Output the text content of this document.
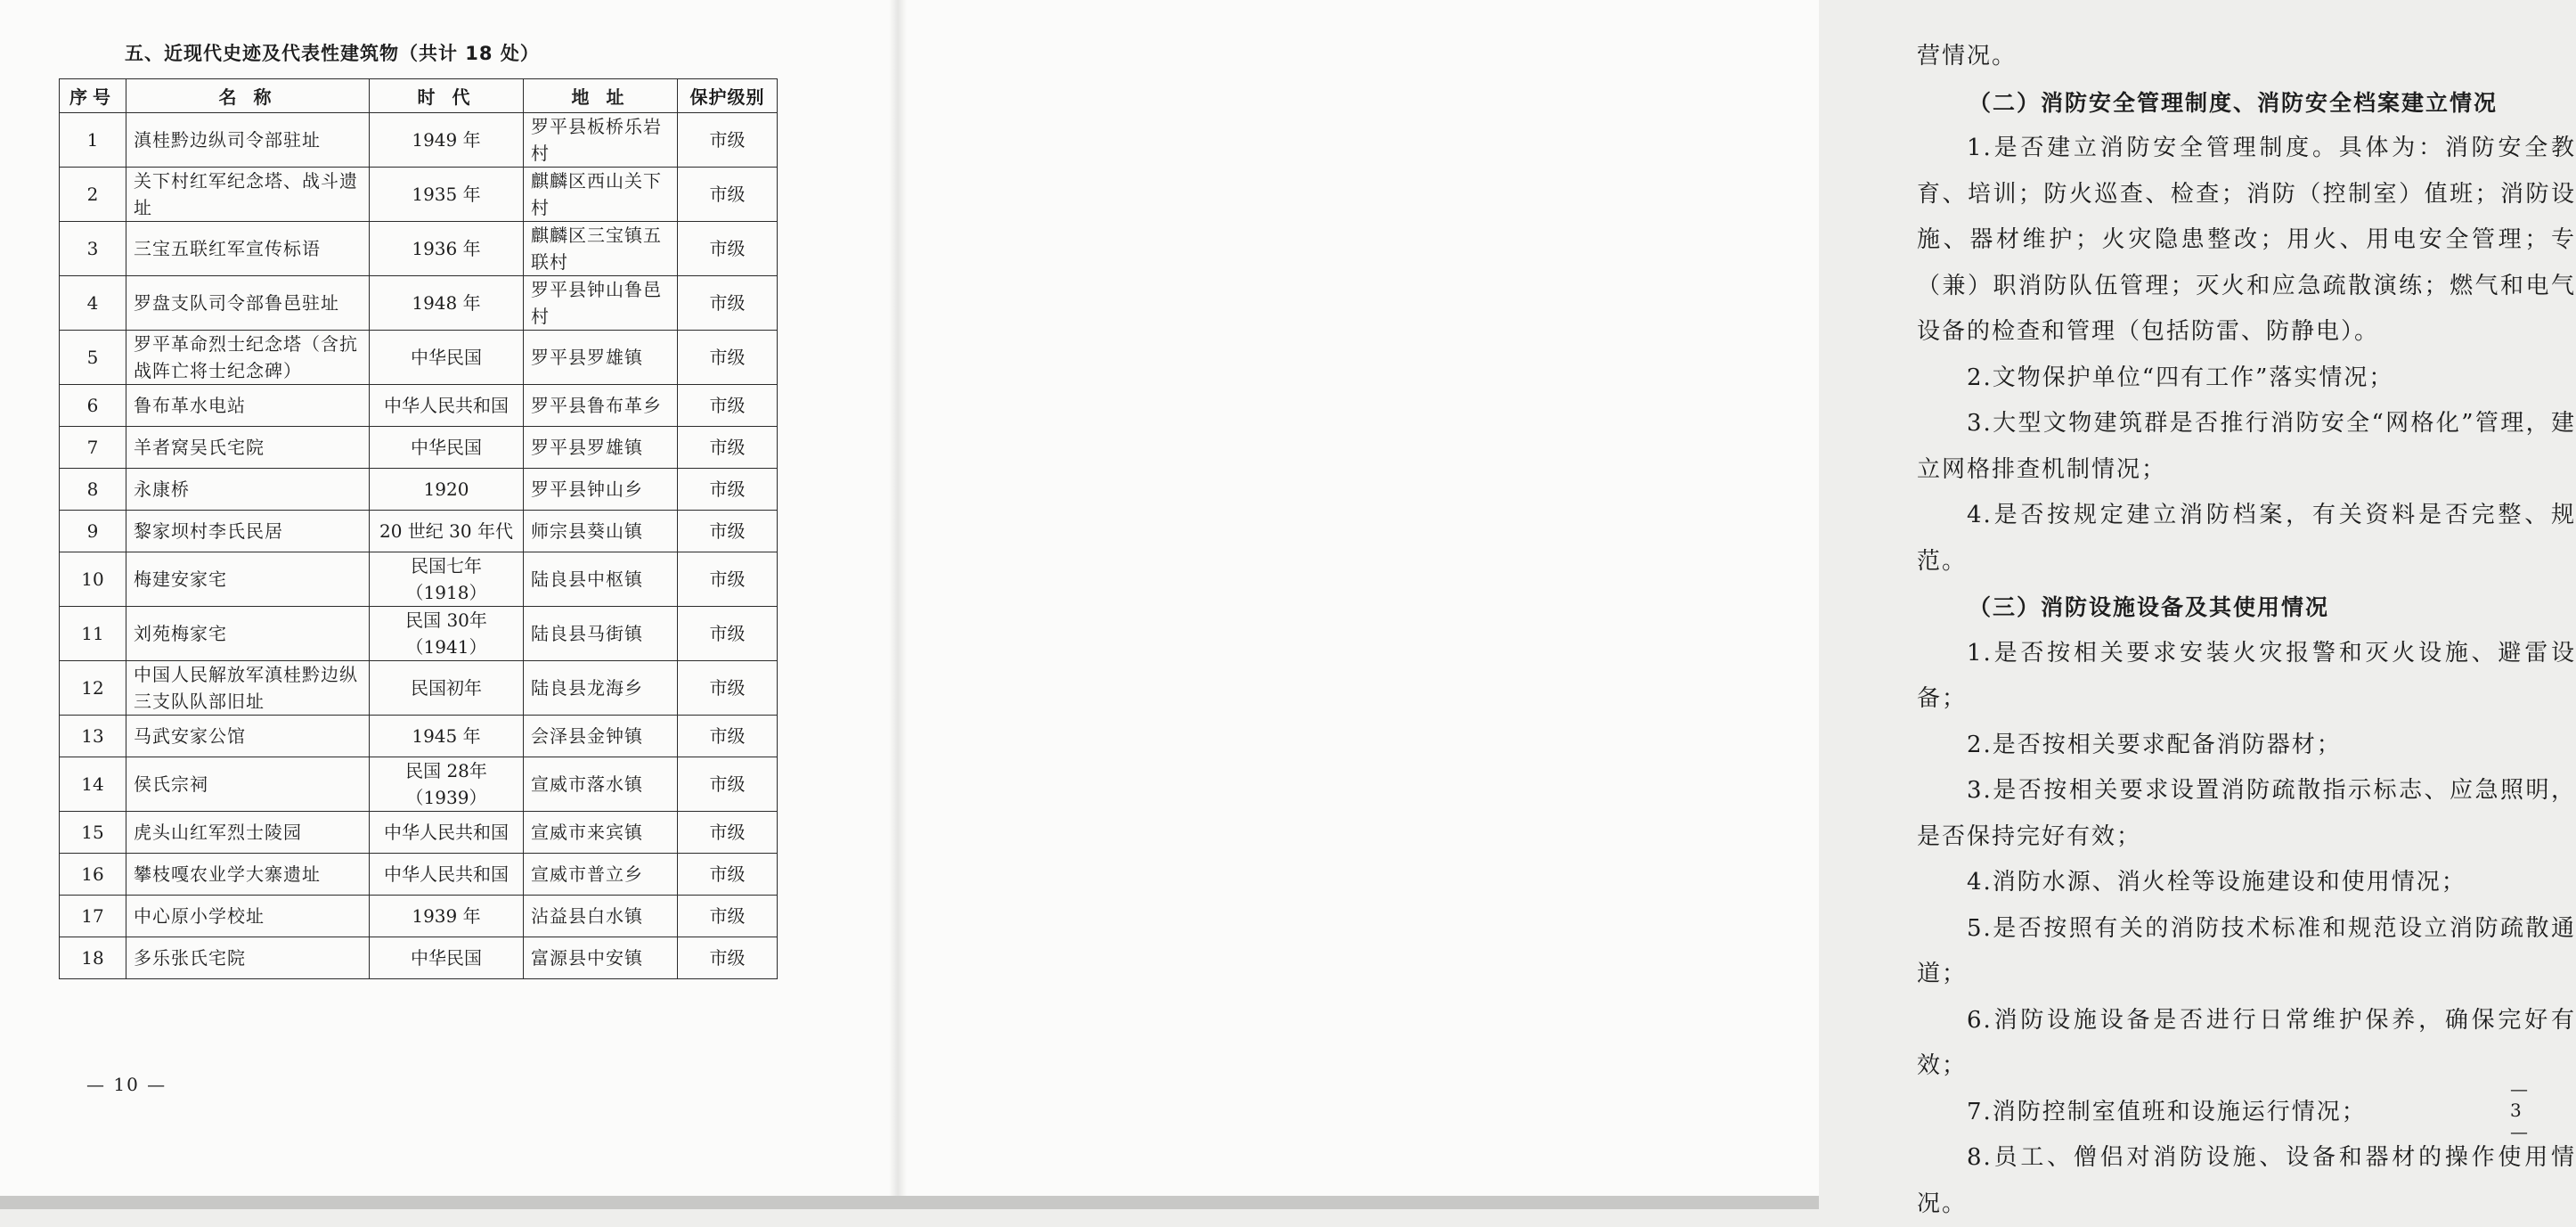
五、近现代史迹及代表性建筑物（共计 18 处）
序号	名 称	时 代	地 址	保护级别
1	滇桂黔边纵司令部驻址	1949 年	罗平县板桥乐岩村	市级
2	关下村红军纪念塔、战斗遗址	1935 年	麒麟区西山关下村	市级
3	三宝五联红军宣传标语	1936 年	麒麟区三宝镇五联村	市级
4	罗盘支队司令部鲁邑驻址	1948 年	罗平县钟山鲁邑村	市级
5	罗平革命烈士纪念塔（含抗战阵亡将士纪念碑）	中华民国	罗平县罗雄镇	市级
6	鲁布革水电站	中华人民共和国	罗平县鲁布革乡	市级
7	羊者窝吴氏宅院	中华民国	罗平县罗雄镇	市级
8	永康桥	1920	罗平县钟山乡	市级
9	黎家坝村李氏民居	20 世纪 30 年代	师宗县葵山镇	市级
10	梅建安家宅	民国七年（1918）	陆良县中枢镇	市级
11	刘苑梅家宅	民国 30年（1941）	陆良县马街镇	市级
12	中国人民解放军滇桂黔边纵三支队队部旧址	民国初年	陆良县龙海乡	市级
13	马武安家公馆	1945 年	会泽县金钟镇	市级
14	侯氏宗祠	民国 28年（1939）	宣威市落水镇	市级
15	虎头山红军烈士陵园	中华人民共和国	宣威市来宾镇	市级
16	攀枝嘎农业学大寨遗址	中华人民共和国	宣威市普立乡	市级
17	中心原小学校址	1939 年	沾益县白水镇	市级
18	多乐张氏宅院	中华民国	富源县中安镇	市级
— 10 —

营情况。

（二）消防安全管理制度、消防安全档案建立情况

1.是否建立消防安全管理制度。具体为：消防安全教育、培训；防火巡查、检查；消防（控制室）值班；消防设施、器材维护；火灾隐患整改；用火、用电安全管理；专（兼）职消防队伍管理；灭火和应急疏散演练；燃气和电气设备的检查和管理（包括防雷、防静电）。

2.文物保护单位“四有工作”落实情况；

3.大型文物建筑群是否推行消防安全“网格化”管理，建立网格排查机制情况；

4.是否按规定建立消防档案，有关资料是否完整、规范。

（三）消防设施设备及其使用情况

1.是否按相关要求安装火灾报警和灭火设施、避雷设备；

2.是否按相关要求配备消防器材；

3.是否按相关要求设置消防疏散指示标志、应急照明，是否保持完好有效；

4.消防水源、消火栓等设施建设和使用情况；

5.是否按照有关的消防技术标准和规范设立消防疏散通道；

6.消防设施设备是否进行日常维护保养，确保完好有效；

7.消防控制室值班和设施运行情况；

8.员工、僧侣对消防设施、设备和器材的操作使用情况。

— 3 —
